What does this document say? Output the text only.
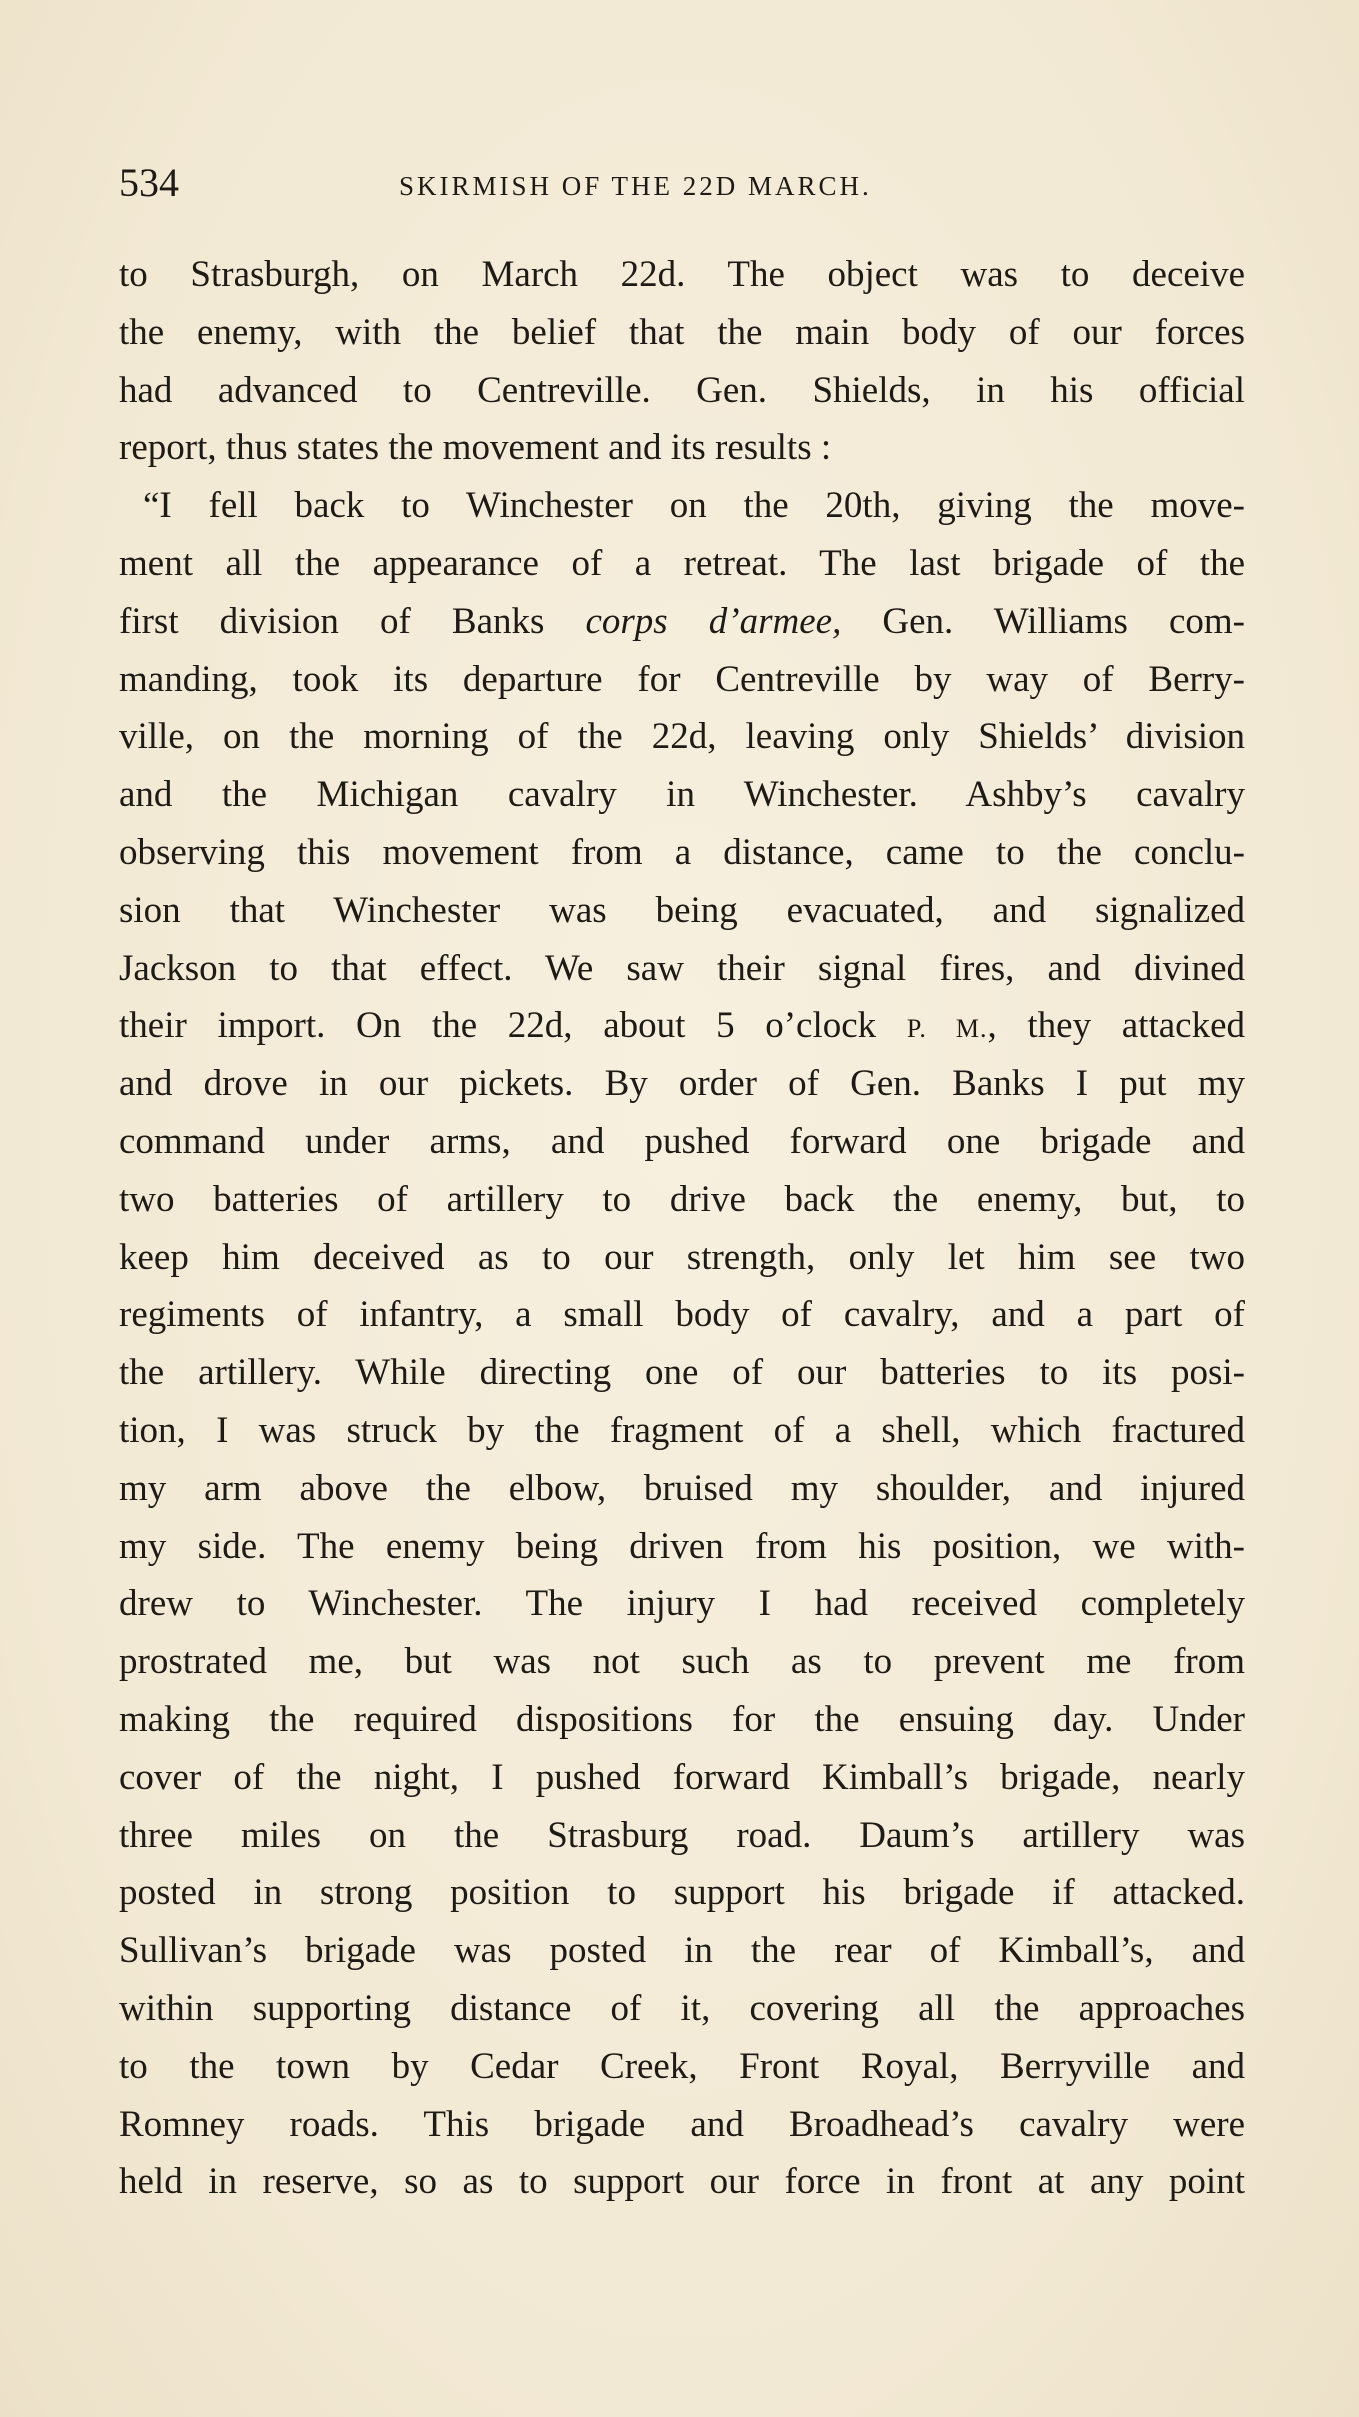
534	SKIRMISH OF THE 22D MARCH.
to Strasburgh, on March 22d. The object was to deceive
the enemy, with the belief that the main body of our forces
had advanced to Centreville. Gen. Shields, in his official
report, thus states the movement and its results :
“I fell back to Winchester on the 20th, giving the move-
ment all the appearance of a retreat. The last brigade of the
first division of Banks corps d’armee, Gen. Williams com-
manding, took its departure for Centreville by way of Berry-
ville, on the morning of the 22d, leaving only Shields’ division
and the Michigan cavalry in Winchester. Ashby’s cavalry
observing this movement from a distance, came to the conclu-
sion that Winchester was being evacuated, and signalized
Jackson to that effect. We saw their signal fires, and divined
their import. On the 22d, about 5 o’clock P. M., they attacked
and drove in our pickets. By order of Gen. Banks I put my
command under arms, and pushed forward one brigade and
two batteries of artillery to drive back the enemy, but, to
keep him deceived as to our strength, only let him see two
regiments of infantry, a small body of cavalry, and a part of
the artillery. While directing one of our batteries to its posi-
tion, I was struck by the fragment of a shell, which fractured
my arm above the elbow, bruised my shoulder, and injured
my side. The enemy being driven from his position, we with-
drew to Winchester. The injury I had received completely
prostrated me, but was not such as to prevent me from
making the required dispositions for the ensuing day. Under
cover of the night, I pushed forward Kimball’s brigade, nearly
three miles on the Strasburg road. Daum’s artillery was
posted in strong position to support his brigade if attacked.
Sullivan’s brigade was posted in the rear of Kimball’s, and
within supporting distance of it, covering all the approaches
to the town by Cedar Creek, Front Royal, Berryville and
Romney roads. This brigade and Broadhead’s cavalry were
held in reserve, so as to support our force in front at any point
